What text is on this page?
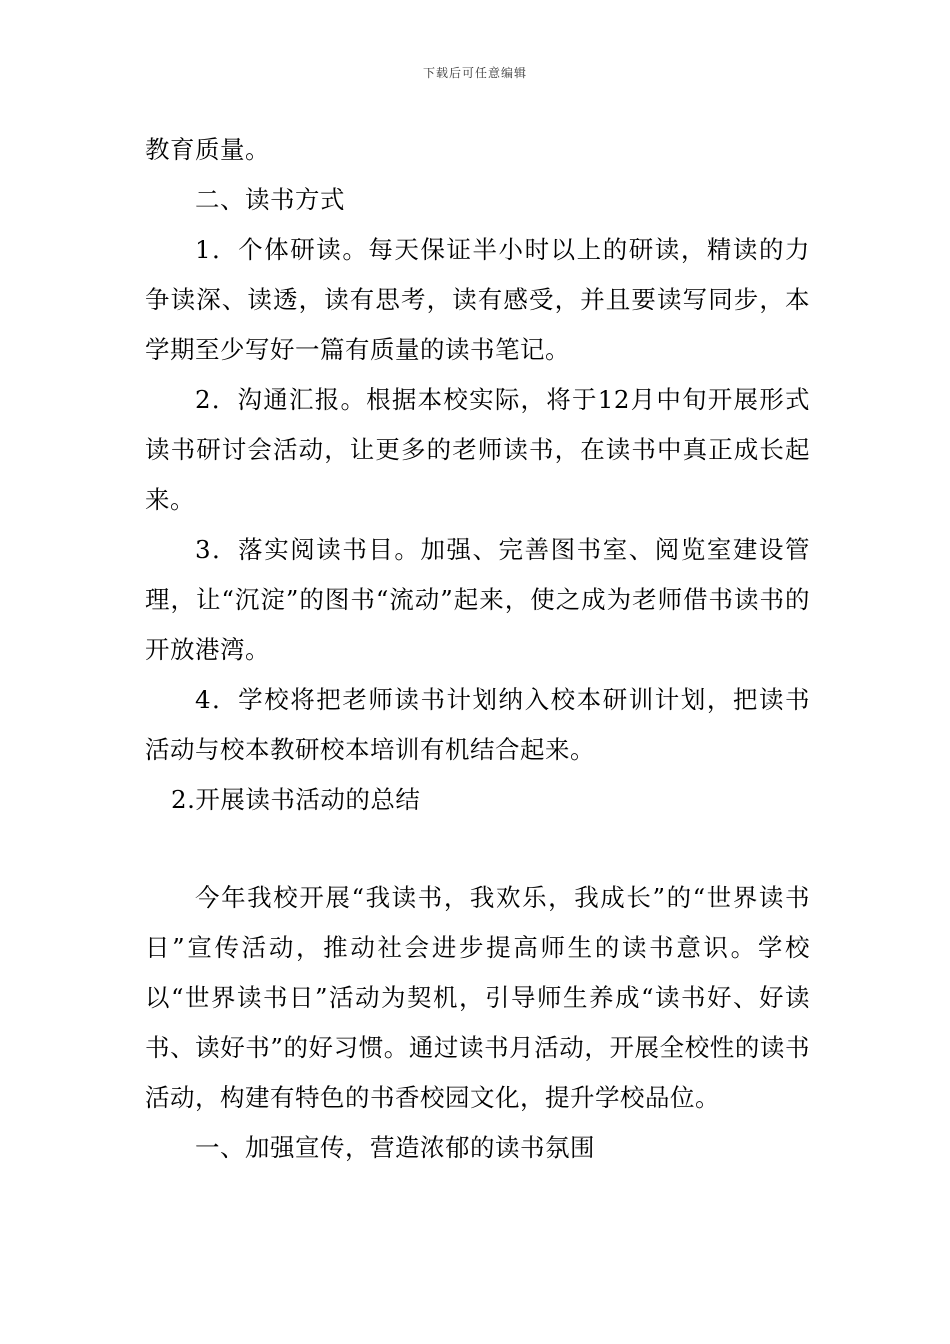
下载后可任意编辑

教育质量。

二、读书方式

1．个体研读。每天保证半小时以上的研读，精读的力争读深、读透，读有思考，读有感受，并且要读写同步，本学期至少写好一篇有质量的读书笔记。

2．沟通汇报。根据本校实际，将于12月中旬开展形式读书研讨会活动，让更多的老师读书，在读书中真正成长起来。

3．落实阅读书目。加强、完善图书室、阅览室建设管理，让“沉淀”的图书“流动”起来，使之成为老师借书读书的开放港湾。

4．学校将把老师读书计划纳入校本研训计划，把读书活动与校本教研校本培训有机结合起来。

2.开展读书活动的总结

今年我校开展“我读书，我欢乐，我成长”的“世界读书日”宣传活动，推动社会进步提高师生的读书意识。学校以“世界读书日”活动为契机，引导师生养成“读书好、好读书、读好书”的好习惯。通过读书月活动，开展全校性的读书活动，构建有特色的书香校园文化，提升学校品位。

一、加强宣传，营造浓郁的读书氛围
